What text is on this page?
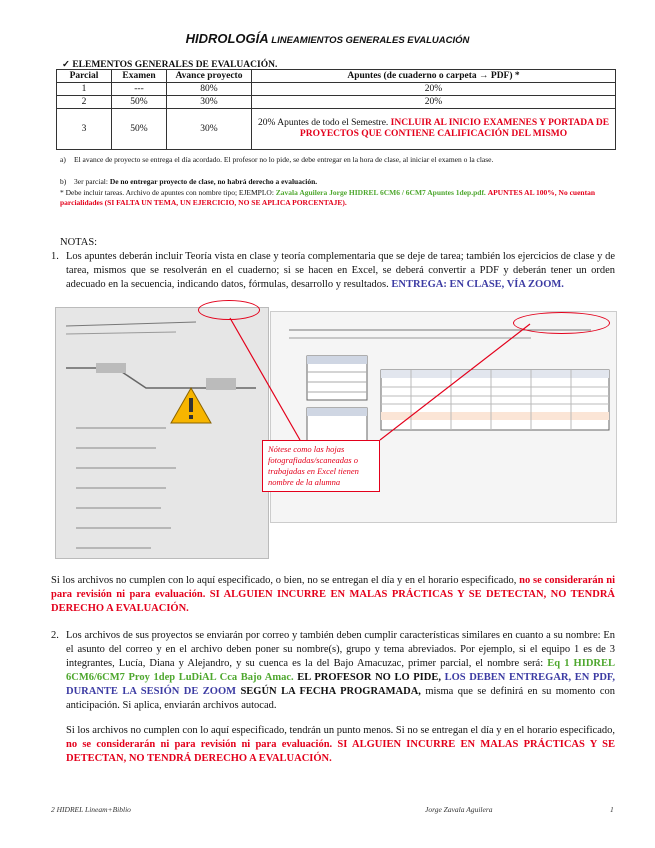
HIDROLOGÍA LINEAMIENTOS GENERALES EVALUACIÓN
✓ ELEMENTOS GENERALES DE EVALUACIÓN.
Parcial	Examen	Avance proyecto	Apuntes (de cuaderno o carpeta → PDF) *
1	---	80%	20%
2	50%	30%	20%
3	50%	30%	20% Apuntes de todo el Semestre. INCLUIR AL INICIO EXAMENES Y PORTADA DE PROYECTOS QUE CONTIENE CALIFICACIÓN DEL MISMO
a) El avance de proyecto se entrega el día acordado. El profesor no lo pide, se debe entregar en la hora de clase, al iniciar el examen o la clase.
b) 3er parcial: De no entregar proyecto de clase, no habrá derecho a evaluación.
* Debe incluir tareas. Archivo de apuntes con nombre tipo; EJEMPLO: Zavala Aguilera Jorge HIDREL 6CM6 / 6CM7 Apuntes 1dep.pdf. APUNTES AL 100%, No cuentan parcialidades (SI FALTA UN TEMA, UN EJERCICIO, NO SE APLICA PORCENTAJE).
NOTAS:
1. Los apuntes deberán incluir Teoría vista en clase y teoría complementaria que se deje de tarea; también los ejercicios de clase y de tarea, mismos que se resolverán en el cuaderno; si se hacen en Excel, se deberá convertir a PDF y deberán tener un orden adecuado en la secuencia, indicando datos, fórmulas, desarrollo y resultados. ENTREGA: EN CLASE, VÍA ZOOM.
Nótese como las hojas fotografiadas/scaneadas o trabajadas en Excel tienen nombre de la alumna
Si los archivos no cumplen con lo aquí especificado, o bien, no se entregan el día y en el horario especificado, no se considerarán ni para revisión ni para evaluación. SI ALGUIEN INCURRE EN MALAS PRÁCTICAS Y SE DETECTAN, NO TENDRÁ DERECHO A EVALUACIÓN.
2. Los archivos de sus proyectos se enviarán por correo y también deben cumplir características similares en cuanto a su nombre: En el asunto del correo y en el archivo deben poner su nombre(s), grupo y tema abreviados. Por ejemplo, si el equipo 1 es de 3 integrantes, Lucía, Diana y Alejandro, y su cuenca es la del Bajo Amacuzac, primer parcial, el nombre será: Eq 1 HIDREL 6CM6/6CM7 Proy 1dep LuDiAL Cca Bajo Amac. EL PROFESOR NO LO PIDE, LOS DEBEN ENTREGAR, EN PDF, DURANTE LA SESIÓN DE ZOOM SEGÚN LA FECHA PROGRAMADA, misma que se definirá en su momento con anticipación. Si aplica, enviarán archivos autocad.
Si los archivos no cumplen con lo aquí especificado, tendrán un punto menos. Si no se entregan el día y en el horario especificado, no se considerarán ni para revisión ni para evaluación. SI ALGUIEN INCURRE EN MALAS PRÁCTICAS Y SE DETECTAN, NO TENDRÁ DERECHO A EVALUACIÓN.
2 HIDREL Lineam+Biblio	Jorge Zavala Aguilera	1
